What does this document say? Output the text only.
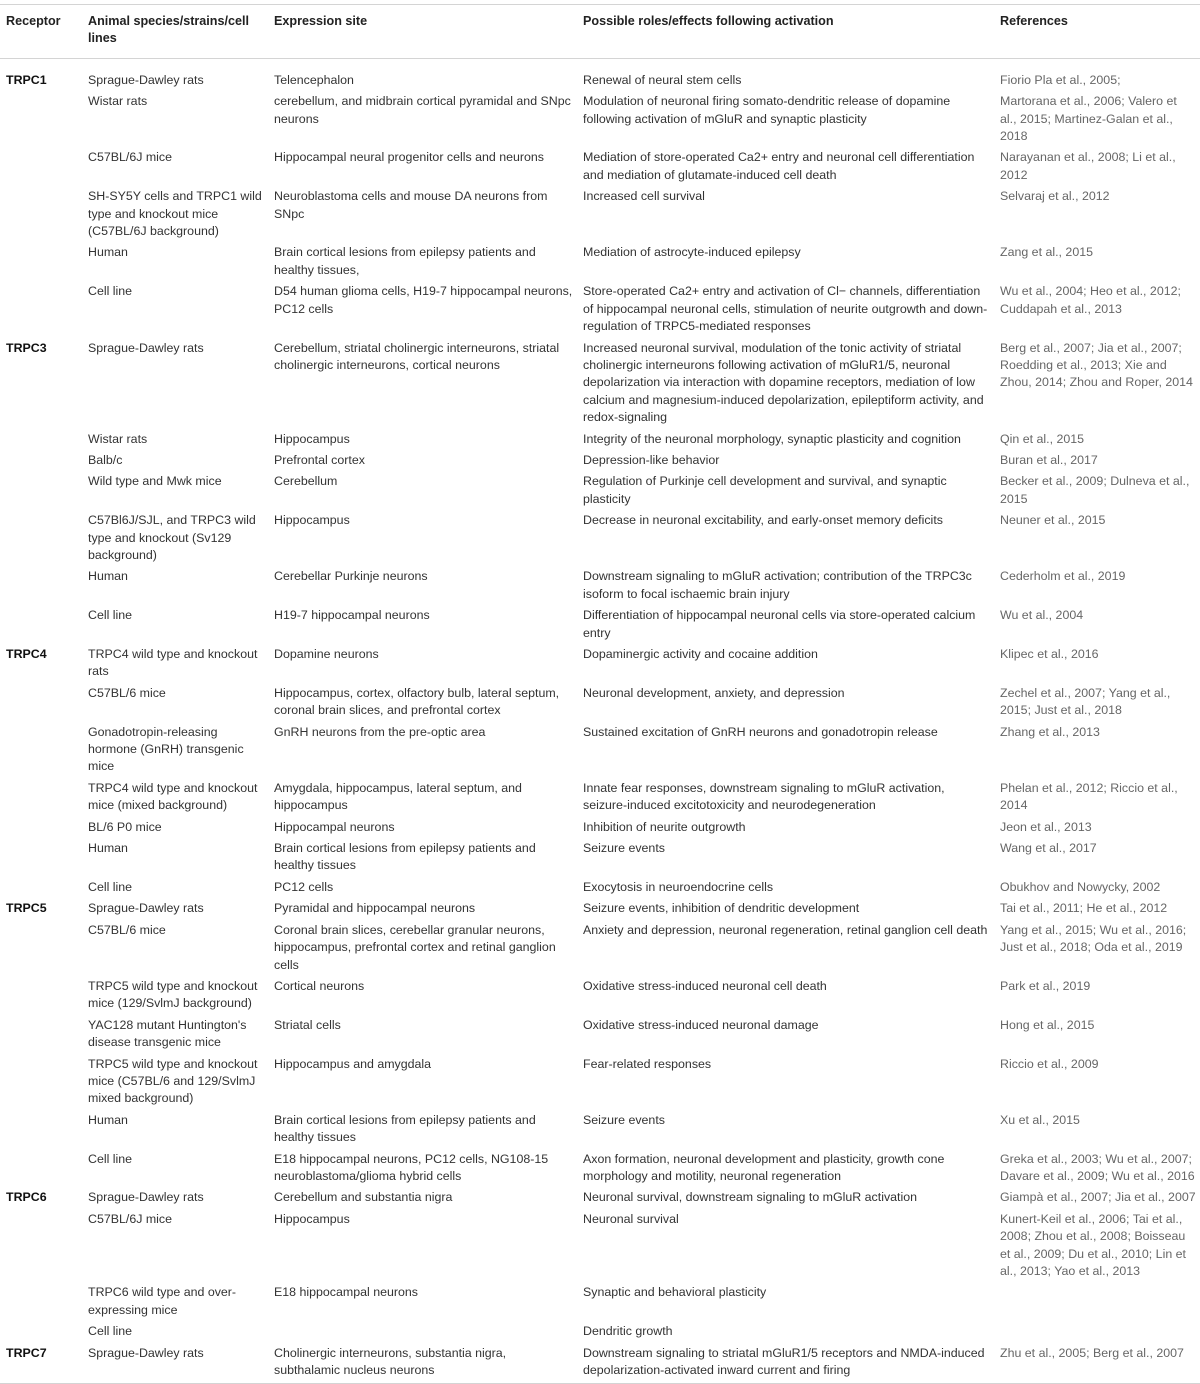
Receptor	Animal species/strains/cell lines	Expression site	Possible roles/effects following activation	References
TRPC1	Sprague-Dawley rats	Telencephalon	Renewal of neural stem cells	Fiorio Pla et al., 2005;
	Wistar rats	cerebellum, and midbrain cortical pyramidal and SNpc neurons	Modulation of neuronal firing somato-dendritic release of dopamine following activation of mGluR and synaptic plasticity	Martorana et al., 2006; Valero et al., 2015; Martinez-Galan et al., 2018
	C57BL/6J mice	Hippocampal neural progenitor cells and neurons	Mediation of store-operated Ca2+ entry and neuronal cell differentiation and mediation of glutamate-induced cell death	Narayanan et al., 2008; Li et al., 2012
	SH-SY5Y cells and TRPC1 wild type and knockout mice (C57BL/6J background)	Neuroblastoma cells and mouse DA neurons from SNpc	Increased cell survival	Selvaraj et al., 2012
	Human	Brain cortical lesions from epilepsy patients and healthy tissues,	Mediation of astrocyte-induced epilepsy	Zang et al., 2015
	Cell line	D54 human glioma cells, H19-7 hippocampal neurons, PC12 cells	Store-operated Ca2+ entry and activation of Cl− channels, differentiation of hippocampal neuronal cells, stimulation of neurite outgrowth and down-regulation of TRPC5-mediated responses	Wu et al., 2004; Heo et al., 2012; Cuddapah et al., 2013
TRPC3	Sprague-Dawley rats	Cerebellum, striatal cholinergic interneurons, striatal cholinergic interneurons, cortical neurons	Increased neuronal survival, modulation of the tonic activity of striatal cholinergic interneurons following activation of mGluR1/5, neuronal depolarization via interaction with dopamine receptors, mediation of low calcium and magnesium-induced depolarization, epileptiform activity, and redox-signaling	Berg et al., 2007; Jia et al., 2007; Roedding et al., 2013; Xie and Zhou, 2014; Zhou and Roper, 2014
	Wistar rats	Hippocampus	Integrity of the neuronal morphology, synaptic plasticity and cognition	Qin et al., 2015
	Balb/c	Prefrontal cortex	Depression-like behavior	Buran et al., 2017
	Wild type and Mwk mice	Cerebellum	Regulation of Purkinje cell development and survival, and synaptic plasticity	Becker et al., 2009; Dulneva et al., 2015
	C57Bl6J/SJL, and TRPC3 wild type and knockout (Sv129 background)	Hippocampus	Decrease in neuronal excitability, and early-onset memory deficits	Neuner et al., 2015
	Human	Cerebellar Purkinje neurons	Downstream signaling to mGluR activation; contribution of the TRPC3c isoform to focal ischaemic brain injury	Cederholm et al., 2019
	Cell line	H19-7 hippocampal neurons	Differentiation of hippocampal neuronal cells via store-operated calcium entry	Wu et al., 2004
TRPC4	TRPC4 wild type and knockout rats	Dopamine neurons	Dopaminergic activity and cocaine addition	Klipec et al., 2016
	C57BL/6 mice	Hippocampus, cortex, olfactory bulb, lateral septum, coronal brain slices, and prefrontal cortex	Neuronal development, anxiety, and depression	Zechel et al., 2007; Yang et al., 2015; Just et al., 2018
	Gonadotropin-releasing hormone (GnRH) transgenic mice	GnRH neurons from the pre-optic area	Sustained excitation of GnRH neurons and gonadotropin release	Zhang et al., 2013
	TRPC4 wild type and knockout mice (mixed background)	Amygdala, hippocampus, lateral septum, and hippocampus	Innate fear responses, downstream signaling to mGluR activation, seizure-induced excitotoxicity and neurodegeneration	Phelan et al., 2012; Riccio et al., 2014
	BL/6 P0 mice	Hippocampal neurons	Inhibition of neurite outgrowth	Jeon et al., 2013
	Human	Brain cortical lesions from epilepsy patients and healthy tissues	Seizure events	Wang et al., 2017
	Cell line	PC12 cells	Exocytosis in neuroendocrine cells	Obukhov and Nowycky, 2002
TRPC5	Sprague-Dawley rats	Pyramidal and hippocampal neurons	Seizure events, inhibition of dendritic development	Tai et al., 2011; He et al., 2012
	C57BL/6 mice	Coronal brain slices, cerebellar granular neurons, hippocampus, prefrontal cortex and retinal ganglion cells	Anxiety and depression, neuronal regeneration, retinal ganglion cell death	Yang et al., 2015; Wu et al., 2016; Just et al., 2018; Oda et al., 2019
	TRPC5 wild type and knockout mice (129/SvlmJ background)	Cortical neurons	Oxidative stress-induced neuronal cell death	Park et al., 2019
	YAC128 mutant Huntington's disease transgenic mice	Striatal cells	Oxidative stress-induced neuronal damage	Hong et al., 2015
	TRPC5 wild type and knockout mice (C57BL/6 and 129/SvlmJ mixed background)	Hippocampus and amygdala	Fear-related responses	Riccio et al., 2009
	Human	Brain cortical lesions from epilepsy patients and healthy tissues	Seizure events	Xu et al., 2015
	Cell line	E18 hippocampal neurons, PC12 cells, NG108-15 neuroblastoma/glioma hybrid cells	Axon formation, neuronal development and plasticity, growth cone morphology and motility, neuronal regeneration	Greka et al., 2003; Wu et al., 2007; Davare et al., 2009; Wu et al., 2016
TRPC6	Sprague-Dawley rats	Cerebellum and substantia nigra	Neuronal survival, downstream signaling to mGluR activation	Giampà et al., 2007; Jia et al., 2007
	C57BL/6J mice	Hippocampus	Neuronal survival	Kunert-Keil et al., 2006; Tai et al., 2008; Zhou et al., 2008; Boisseau et al., 2009; Du et al., 2010; Lin et al., 2013; Yao et al., 2013
	TRPC6 wild type and over-expressing mice	E18 hippocampal neurons	Synaptic and behavioral plasticity	
	Cell line		Dendritic growth	
TRPC7	Sprague-Dawley rats	Cholinergic interneurons, substantia nigra, subthalamic nucleus neurons	Downstream signaling to striatal mGluR1/5 receptors and NMDA-induced depolarization-activated inward current and firing	Zhu et al., 2005; Berg et al., 2007
